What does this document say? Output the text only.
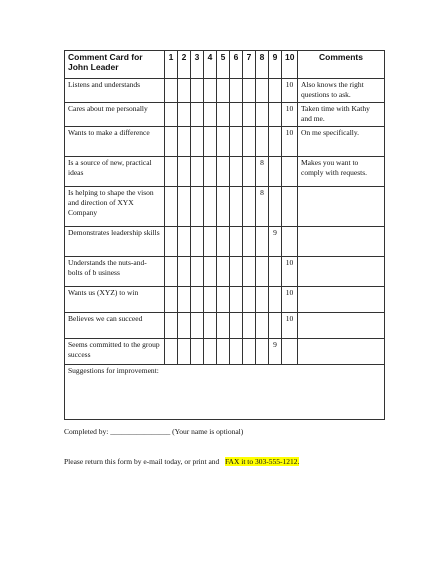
Comment Card for John Leader	1	2	3	4	5	6	7	8	9	10	Comments
Listens and understands										10	Also knows the right questions to ask.
Cares about me personally										10	Taken time with Kathy and me.
Wants to make a difference										10	On me specifically.
Is a source of new, practical ideas								8			Makes you want to comply with requests.
Is helping to shape the vison and direction of XYX Company								8			
Demonstrates leadership skills									9		
Understands the nuts-and-bolts of b usiness										10	
Wants us (XYZ) to win										10	
Believes we can succeed										10	
Seems committed to the group success									9		
Suggestions for improvement:											
Completed by: ________________ (Your name is optional)
Please return this form by e-mail today, or print and FAX it to 303-555-1212.
